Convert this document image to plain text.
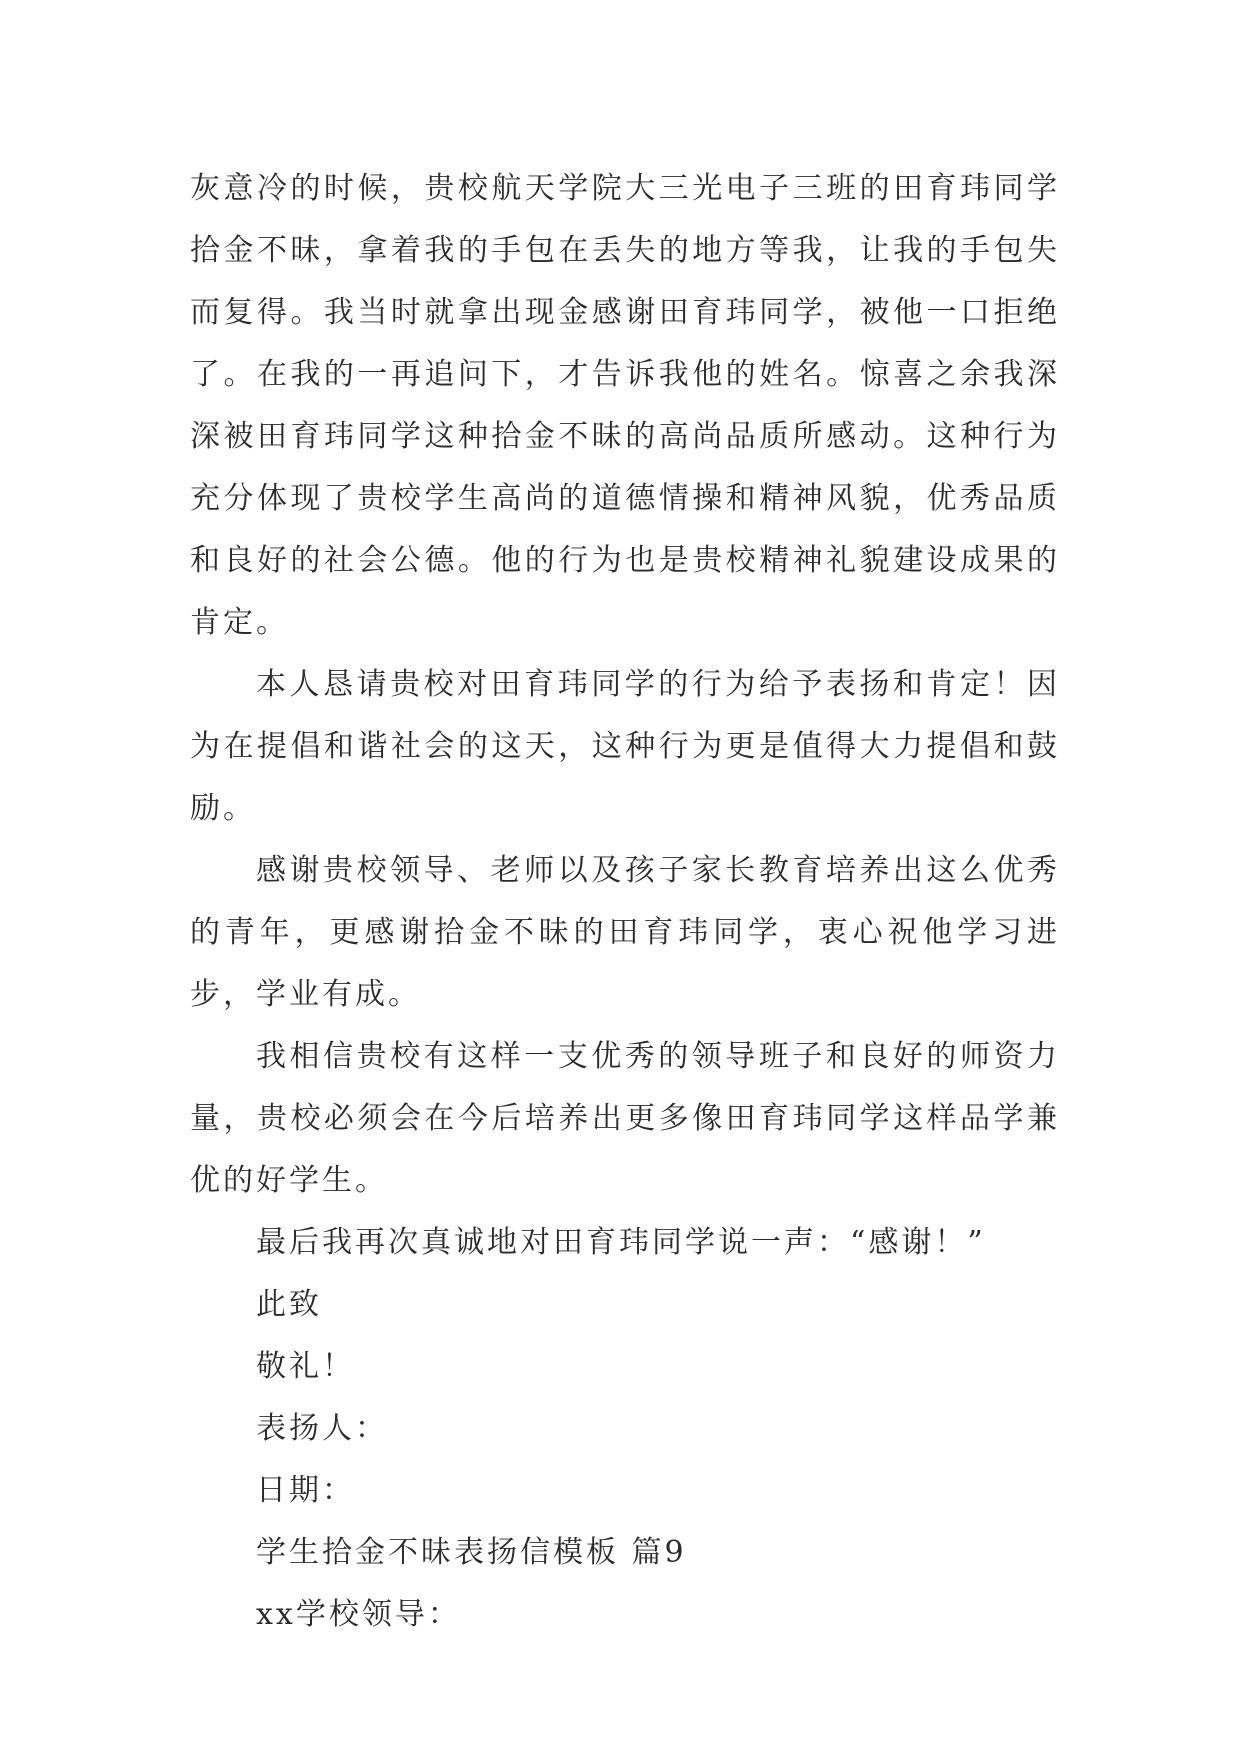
灰意冷的时候，贵校航天学院大三光电子三班的田育玮同学拾金不昧，拿着我的手包在丢失的地方等我，让我的手包失而复得。我当时就拿出现金感谢田育玮同学，被他一口拒绝了。在我的一再追问下，才告诉我他的姓名。惊喜之余我深深被田育玮同学这种拾金不昧的高尚品质所感动。这种行为充分体现了贵校学生高尚的道德情操和精神风貌，优秀品质和良好的社会公德。他的行为也是贵校精神礼貌建设成果的肯定。

本人恳请贵校对田育玮同学的行为给予表扬和肯定！因为在提倡和谐社会的这天，这种行为更是值得大力提倡和鼓励。

感谢贵校领导、老师以及孩子家长教育培养出这么优秀的青年，更感谢拾金不昧的田育玮同学，衷心祝他学习进步，学业有成。

我相信贵校有这样一支优秀的领导班子和良好的师资力量，贵校必须会在今后培养出更多像田育玮同学这样品学兼优的好学生。

最后我再次真诚地对田育玮同学说一声：“感谢！”

此致

敬礼！

表扬人：

日期：

学生拾金不昧表扬信模板 篇9

xx学校领导：
